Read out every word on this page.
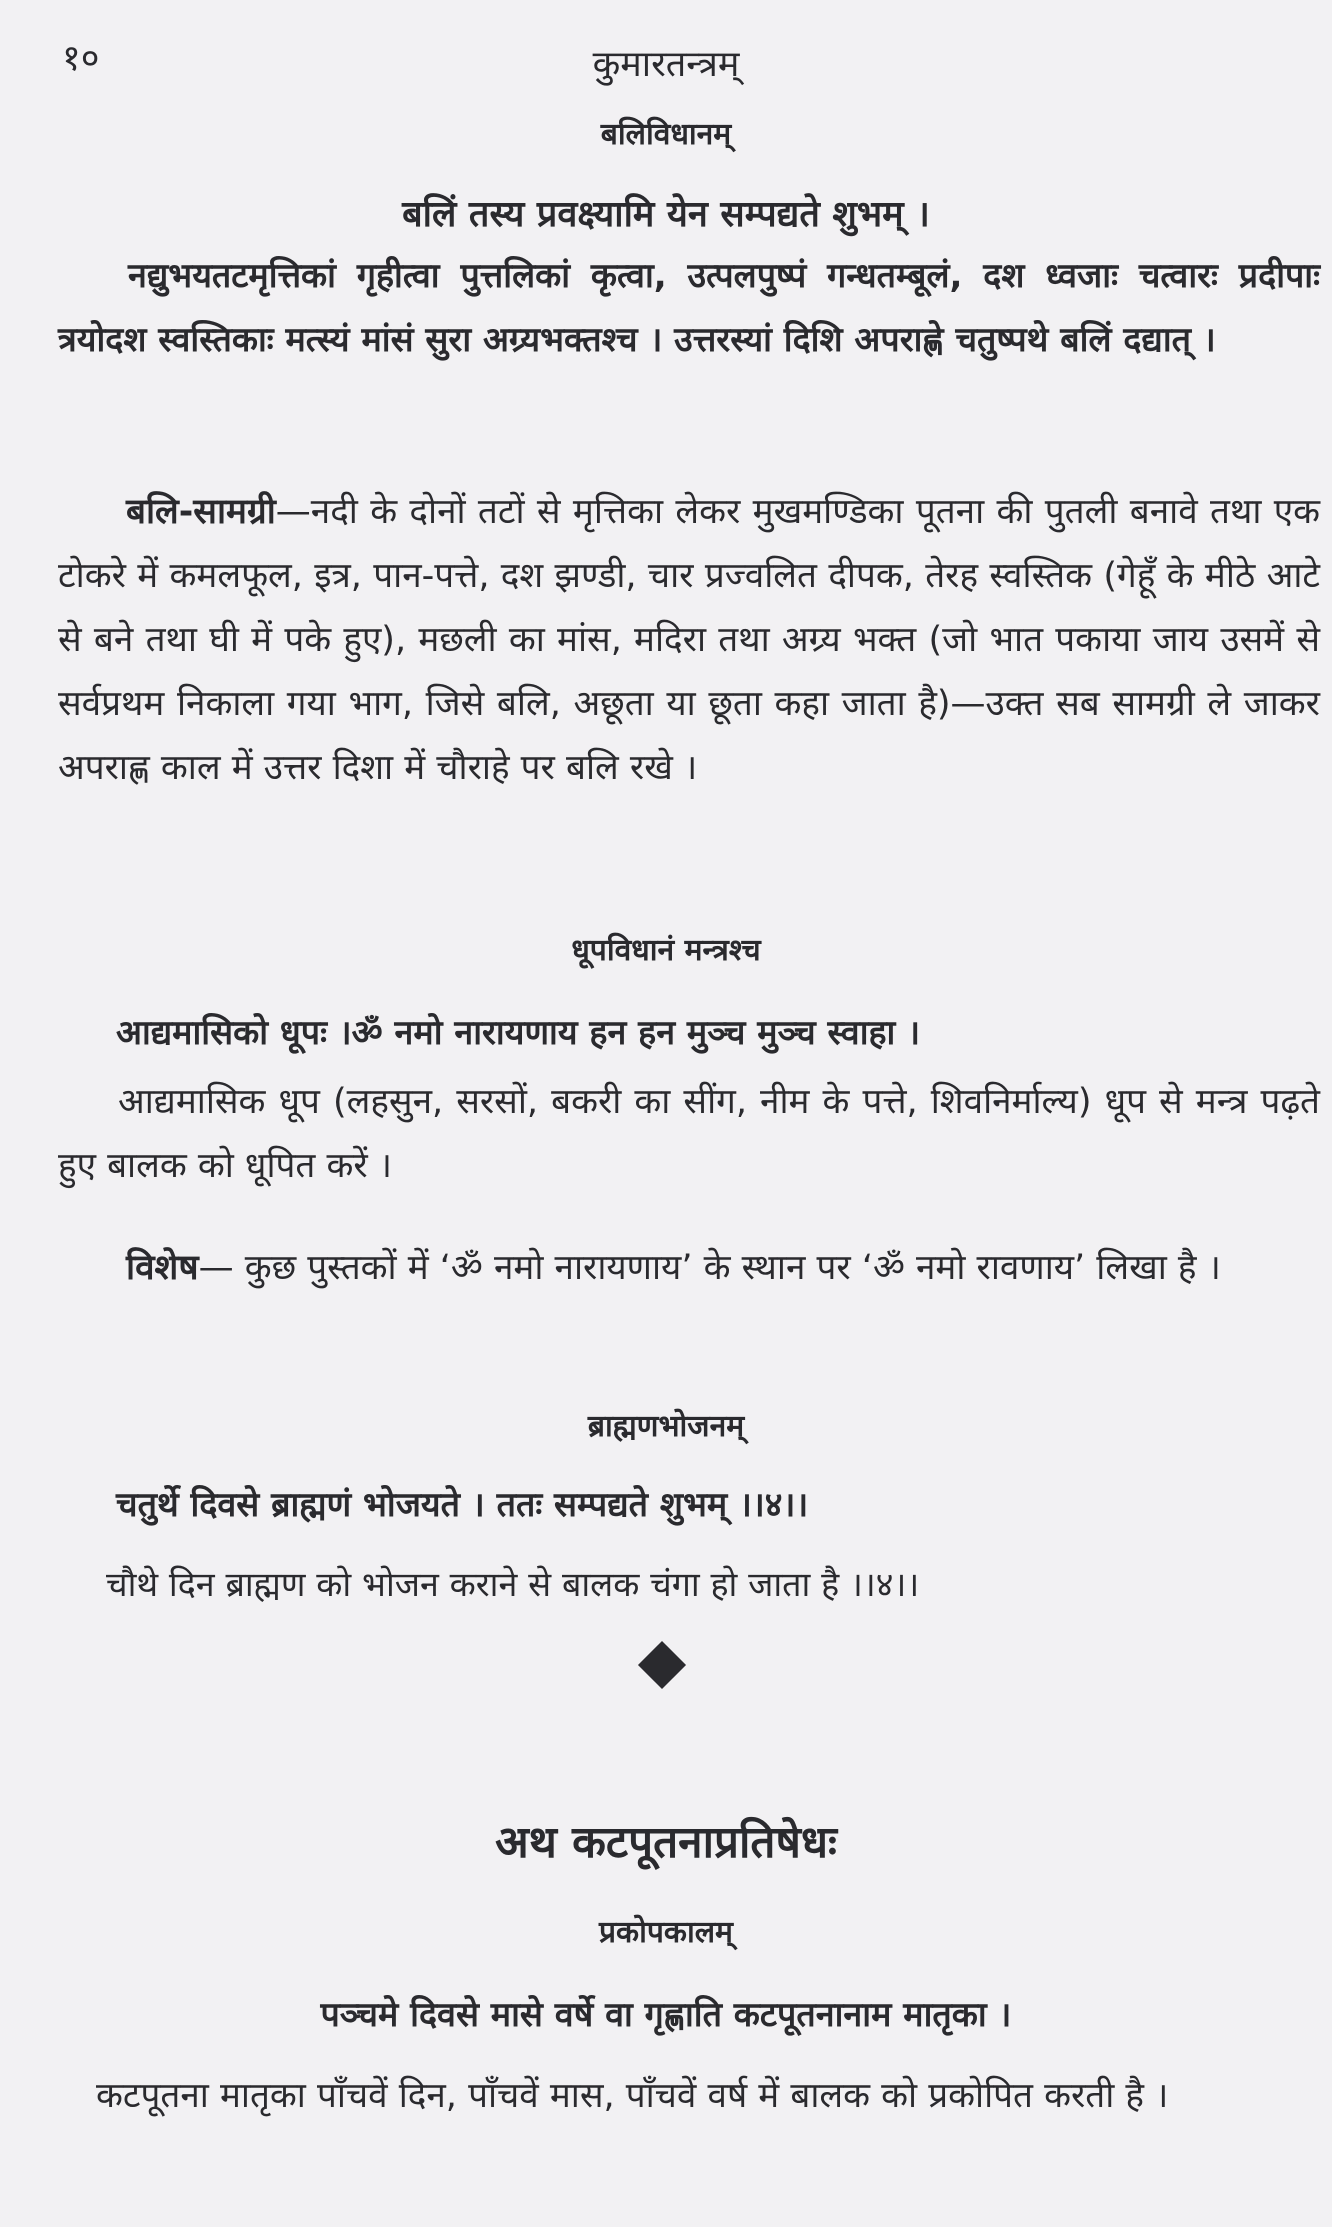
१०	कुमारतन्त्रम्
बलिविधानम्
बलिं तस्य प्रवक्ष्यामि येन सम्पद्यते शुभम् ।

नद्युभयतटमृत्तिकां गृहीत्वा पुत्तलिकां कृत्वा, उत्पलपुष्पं गन्धतम्बूलं, दश ध्वजाः चत्वारः प्रदीपाः त्रयोदश स्वस्तिकाः मत्स्यं मांसं सुरा अग्र्यभक्तश्च । उत्तरस्यां दिशि अपराह्णे चतुष्पथे बलिं दद्यात् ।

बलि-सामग्री—नदी के दोनों तटों से मृत्तिका लेकर मुखमण्डिका पूतना की पुतली बनावे तथा एक टोकरे में कमलफूल, इत्र, पान-पत्ते, दश झण्डी, चार प्रज्वलित दीपक, तेरह स्वस्तिक (गेहूँ के मीठे आटे से बने तथा घी में पके हुए), मछली का मांस, मदिरा तथा अग्र्य भक्त (जो भात पकाया जाय उसमें से सर्वप्रथम निकाला गया भाग, जिसे बलि, अछूता या छूता कहा जाता है)—उक्त सब सामग्री ले जाकर अपराह्ण काल में उत्तर दिशा में चौराहे पर बलि रखे ।

धूपविधानं मन्त्रश्च
आद्यमासिको धूपः ।ॐ नमो नारायणाय हन हन मुञ्च मुञ्च स्वाहा ।

आद्यमासिक धूप (लहसुन, सरसों, बकरी का सींग, नीम के पत्ते, शिवनिर्माल्य) धूप से मन्त्र पढ़ते हुए बालक को धूपित करें ।

विशेष— कुछ पुस्तकों में ‘ॐ नमो नारायणाय’ के स्थान पर ‘ॐ नमो रावणाय’ लिखा है ।

ब्राह्मणभोजनम्
चतुर्थे दिवसे ब्राह्मणं भोजयते । ततः सम्पद्यते शुभम् ।।४।।
चौथे दिन ब्राह्मण को भोजन कराने से बालक चंगा हो जाता है ।।४।।
अथ कटपूतनाप्रतिषेधः
प्रकोपकालम्
पञ्चमे दिवसे मासे वर्षे वा गृह्णाति कटपूतनानाम मातृका ।

कटपूतना मातृका पाँचवें दिन, पाँचवें मास, पाँचवें वर्ष में बालक को प्रकोपित करती है ।
